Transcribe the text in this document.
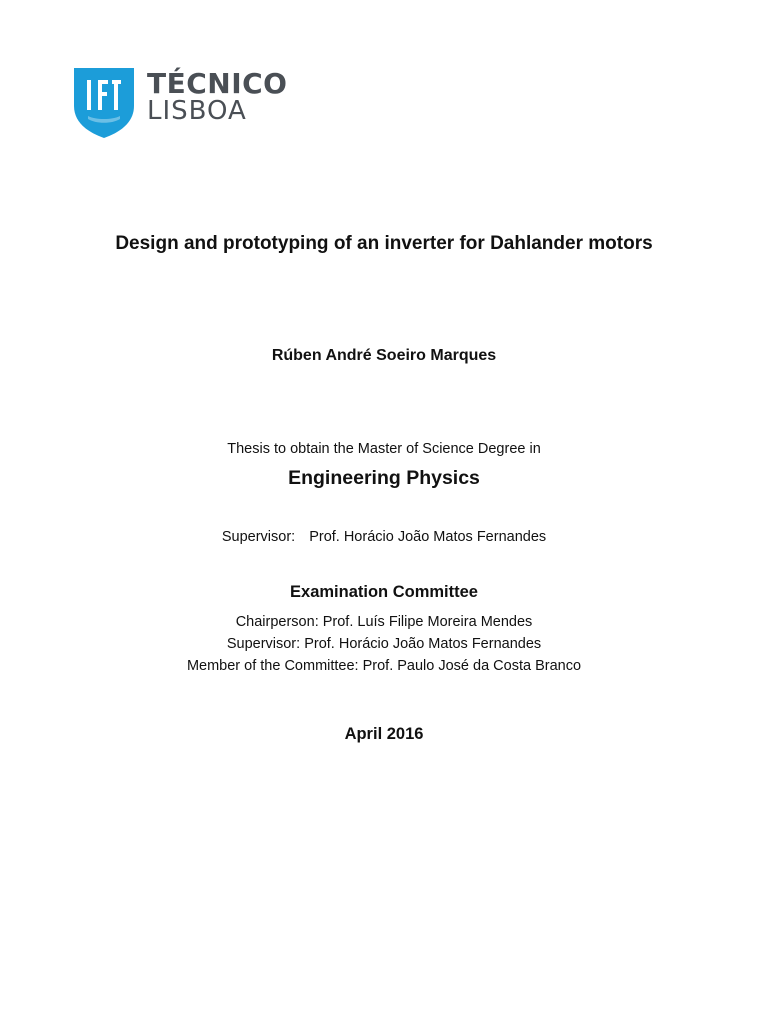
TÉCNICO
LISBOA
Design and prototyping of an inverter for Dahlander motors
Rúben André Soeiro Marques
Thesis to obtain the Master of Science Degree in
Engineering Physics
Supervisor: Prof. Horácio João Matos Fernandes
Examination Committee
Chairperson: Prof. Luís Filipe Moreira Mendes
Supervisor: Prof. Horácio João Matos Fernandes
Member of the Committee: Prof. Paulo José da Costa Branco
April 2016
